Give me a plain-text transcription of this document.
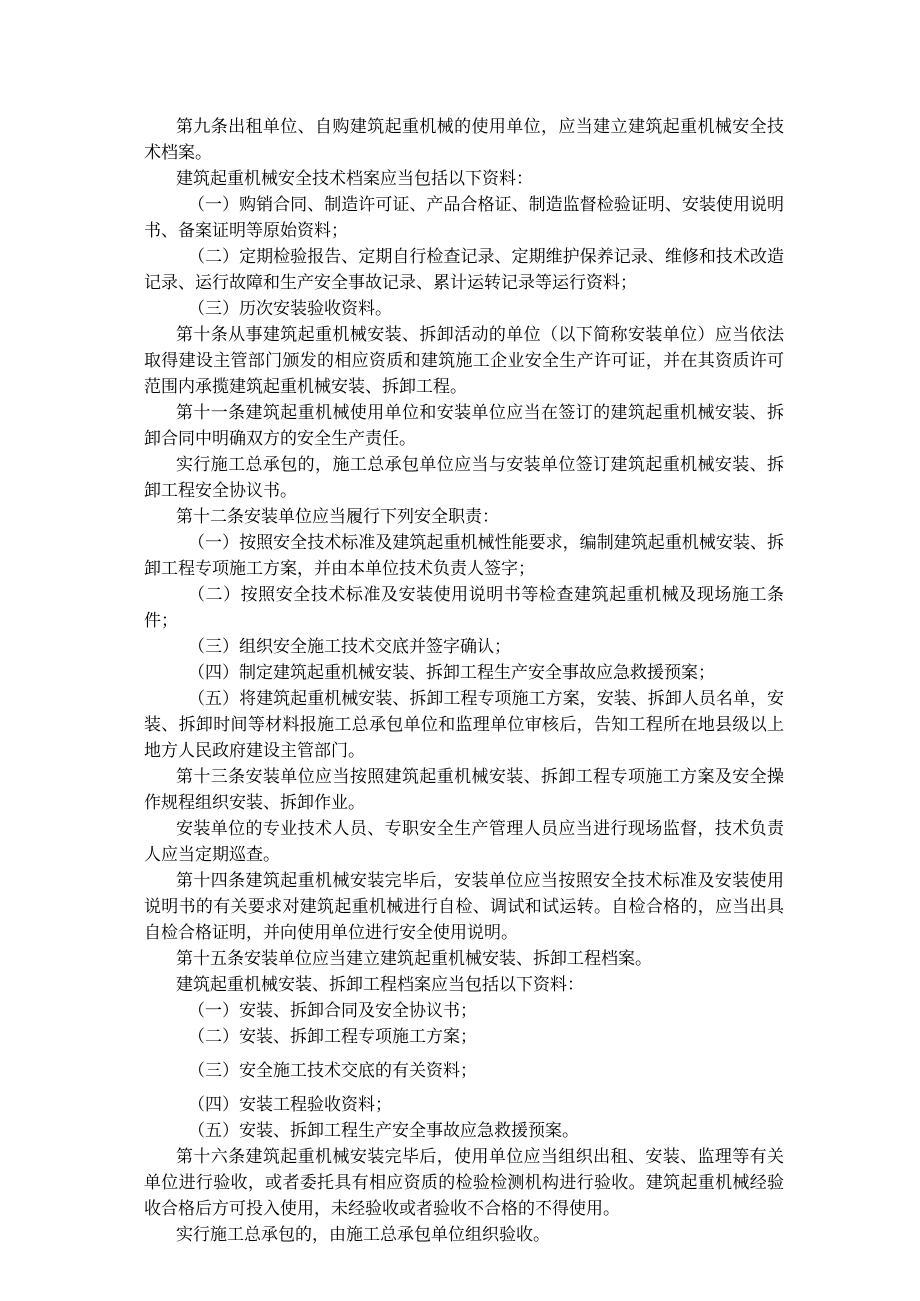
第九条出租单位、自购建筑起重机械的使用单位，应当建立建筑起重机械安全技术档案。

建筑起重机械安全技术档案应当包括以下资料：

（一）购销合同、制造许可证、产品合格证、制造监督检验证明、安装使用说明书、备案证明等原始资料；

（二）定期检验报告、定期自行检查记录、定期维护保养记录、维修和技术改造记录、运行故障和生产安全事故记录、累计运转记录等运行资料；

（三）历次安装验收资料。

第十条从事建筑起重机械安装、拆卸活动的单位（以下简称安装单位）应当依法取得建设主管部门颁发的相应资质和建筑施工企业安全生产许可证，并在其资质许可范围内承揽建筑起重机械安装、拆卸工程。

第十一条建筑起重机械使用单位和安装单位应当在签订的建筑起重机械安装、拆卸合同中明确双方的安全生产责任。

实行施工总承包的，施工总承包单位应当与安装单位签订建筑起重机械安装、拆卸工程安全协议书。

第十二条安装单位应当履行下列安全职责：

（一）按照安全技术标准及建筑起重机械性能要求，编制建筑起重机械安装、拆卸工程专项施工方案，并由本单位技术负责人签字；

（二）按照安全技术标准及安装使用说明书等检查建筑起重机械及现场施工条件；

（三）组织安全施工技术交底并签字确认；

（四）制定建筑起重机械安装、拆卸工程生产安全事故应急救援预案；

（五）将建筑起重机械安装、拆卸工程专项施工方案，安装、拆卸人员名单，安装、拆卸时间等材料报施工总承包单位和监理单位审核后，告知工程所在地县级以上地方人民政府建设主管部门。

第十三条安装单位应当按照建筑起重机械安装、拆卸工程专项施工方案及安全操作规程组织安装、拆卸作业。

安装单位的专业技术人员、专职安全生产管理人员应当进行现场监督，技术负责人应当定期巡查。

第十四条建筑起重机械安装完毕后，安装单位应当按照安全技术标准及安装使用说明书的有关要求对建筑起重机械进行自检、调试和试运转。自检合格的，应当出具自检合格证明，并向使用单位进行安全使用说明。

第十五条安装单位应当建立建筑起重机械安装、拆卸工程档案。

建筑起重机械安装、拆卸工程档案应当包括以下资料：

（一）安装、拆卸合同及安全协议书；

（二）安装、拆卸工程专项施工方案；

（三）安全施工技术交底的有关资料；

（四）安装工程验收资料；

（五）安装、拆卸工程生产安全事故应急救援预案。

第十六条建筑起重机械安装完毕后，使用单位应当组织出租、安装、监理等有关单位进行验收，或者委托具有相应资质的检验检测机构进行验收。建筑起重机械经验收合格后方可投入使用，未经验收或者验收不合格的不得使用。

实行施工总承包的，由施工总承包单位组织验收。
